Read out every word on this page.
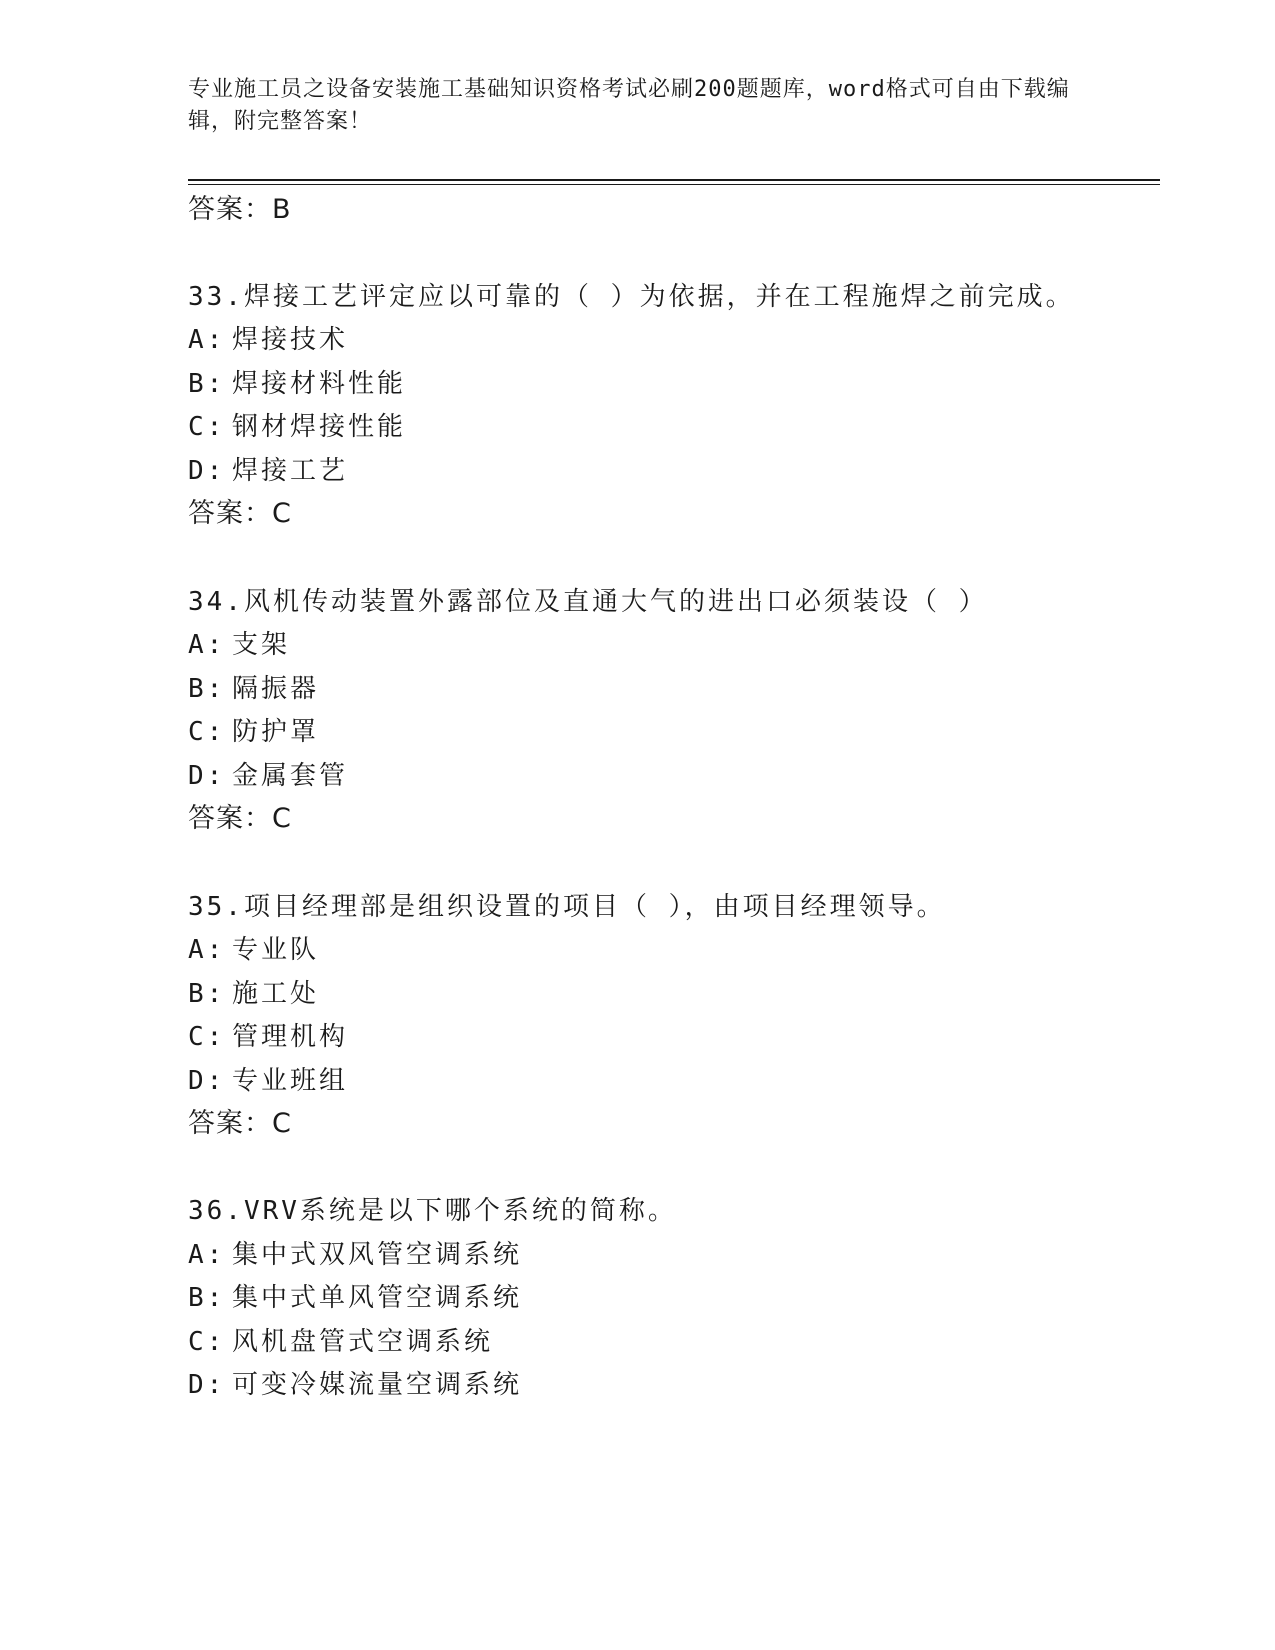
专业施工员之设备安装施工基础知识资格考试必刷200题题库，word格式可自由下载编辑，附完整答案！
答案：B
33.焊接工艺评定应以可靠的（ ）为依据，并在工程施焊之前完成。
A: 焊接技术
B: 焊接材料性能
C: 钢材焊接性能
D: 焊接工艺
答案：C
34.风机传动装置外露部位及直通大气的进出口必须装设（ ）
A: 支架
B: 隔振器
C: 防护罩
D: 金属套管
答案：C
35.项目经理部是组织设置的项目（ ），由项目经理领导。
A: 专业队
B: 施工处
C: 管理机构
D: 专业班组
答案：C
36.VRV系统是以下哪个系统的简称。
A: 集中式双风管空调系统
B: 集中式单风管空调系统
C: 风机盘管式空调系统
D: 可变冷媒流量空调系统
